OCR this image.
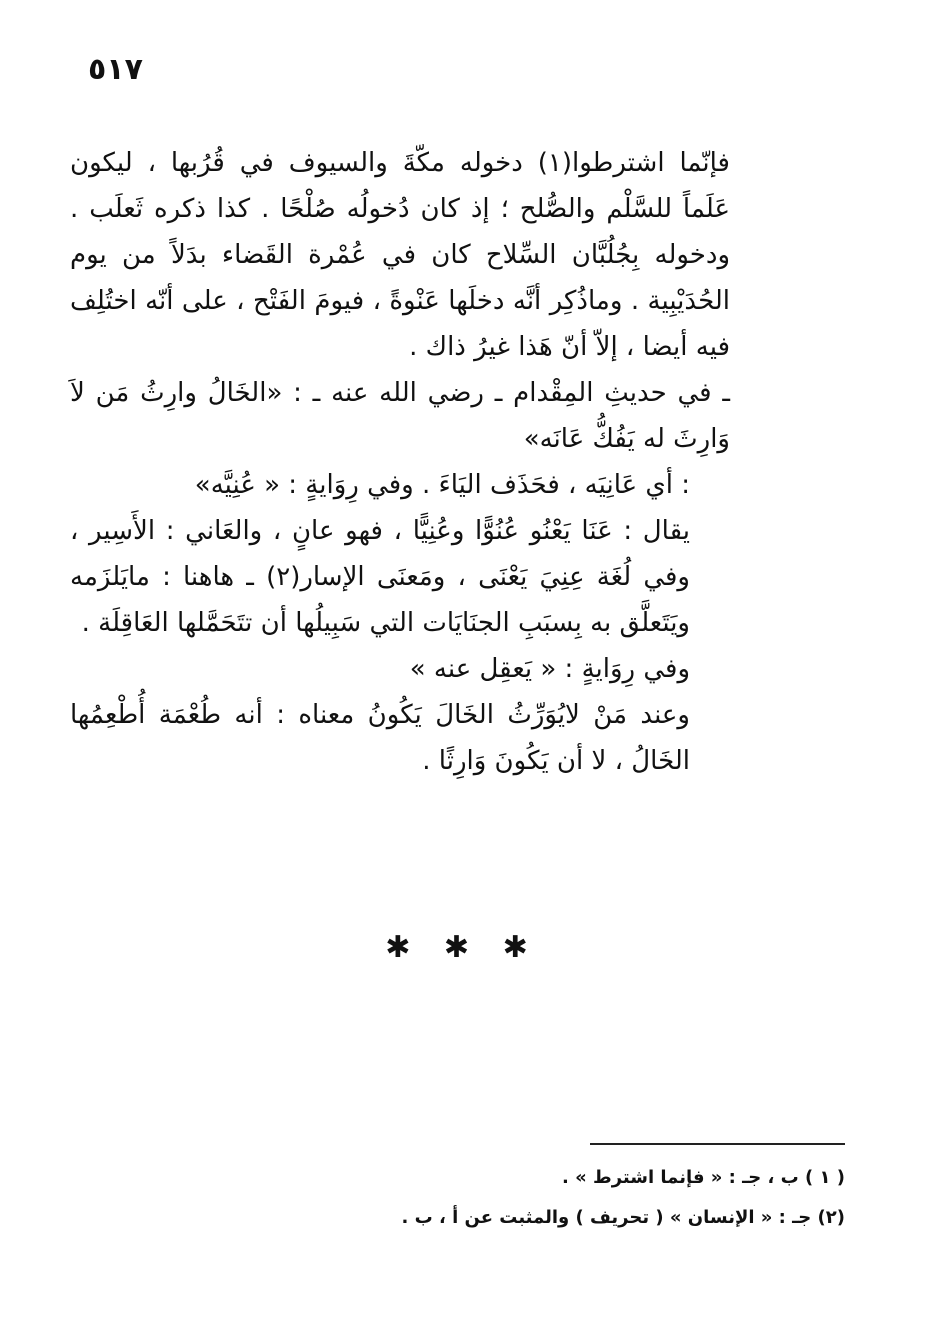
٥١٧

فإنّما اشترطوا(١) دخوله مكّةَ والسيوف في قُرُبها ، ليكون عَلَماً للسَّلْم والصُّلح ؛ إذ كان دُخولُه صُلْحًا . كذا ذكره ثَعلَب . ودخوله بِجُلُبَّان السِّلاح كان في عُمْرة القَضاء بدَلاً من يوم الحُدَيْبِية . وماذُكِر أنَّه دخلَها عَنْوةً ، فيومَ الفَتْح ، على أنّه اختُلِف فيه أيضا ، إلاّ أنّ هَذا غيرُ ذاك .

ـ في حديثِ المِقْدام ـ رضي الله عنه ـ : «الخَالُ وارِثُ مَن لاَ وَارِثَ له يَفُكُّ عَانَه»

: أي عَانِيَه ، فحَذَف اليَاءَ . وفي رِوَايةٍ : « عُنِيَّه»

يقال : عَنَا يَعْنُو عُنُوًّا وعُنِيًّا ، فهو عانٍ ، والعَاني : الأَسِير ، وفي لُغَة عِنِيَ يَعْنَى ، ومَعنَى الإسار(٢) ـ هاهنا : مايَلزَمه ويَتَعلَّق به بِسبَبِ الجنَايَات التي سَبِيلُها أن تتَحَمَّلها العَاقِلَة .

وفي رِوَايةٍ : « يَعقِل عنه »

وعند مَنْ لايُوَرِّثُ الخَالَ يَكُونُ معناه : أنه طُعْمَة أُطْعِمُها الخَالُ ، لا أن يَكُونَ وَارِثًا .

✱ ✱ ✱
( ١ ) ب ، جـ : « فإنما اشترط » .
(٢) جـ : « الإنسان » ( تحريف ) والمثبت عن أ ، ب .
